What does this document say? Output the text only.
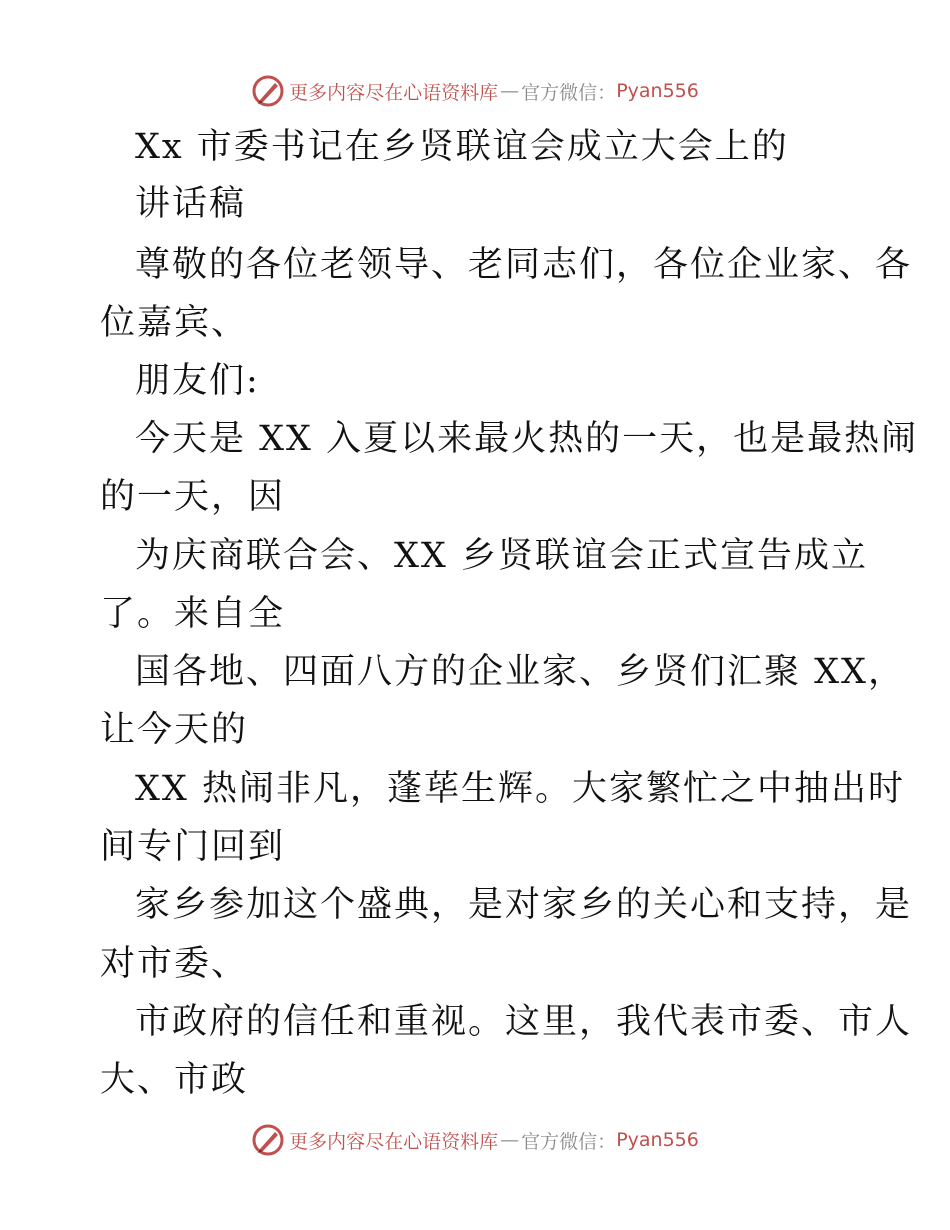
更多内容尽在心语资料库 — 官方微信： Pyan556
Xx 市委书记在乡贤联谊会成立大会上的
讲话稿
尊敬的各位老领导、老同志们，各位企业家、各
位嘉宾、
朋友们:
今天是 XX 入夏以来最火热的一天，也是最热闹
的一天，因
为庆商联合会、XX 乡贤联谊会正式宣告成立
了。来自全
国各地、四面八方的企业家、乡贤们汇聚 XX，
让今天的
XX 热闹非凡，蓬荜生辉。大家繁忙之中抽出时
间专门回到
家乡参加这个盛典，是对家乡的关心和支持，是
对市委、
市政府的信任和重视。这里，我代表市委、市人
大、市政
更多内容尽在心语资料库 — 官方微信： Pyan556
